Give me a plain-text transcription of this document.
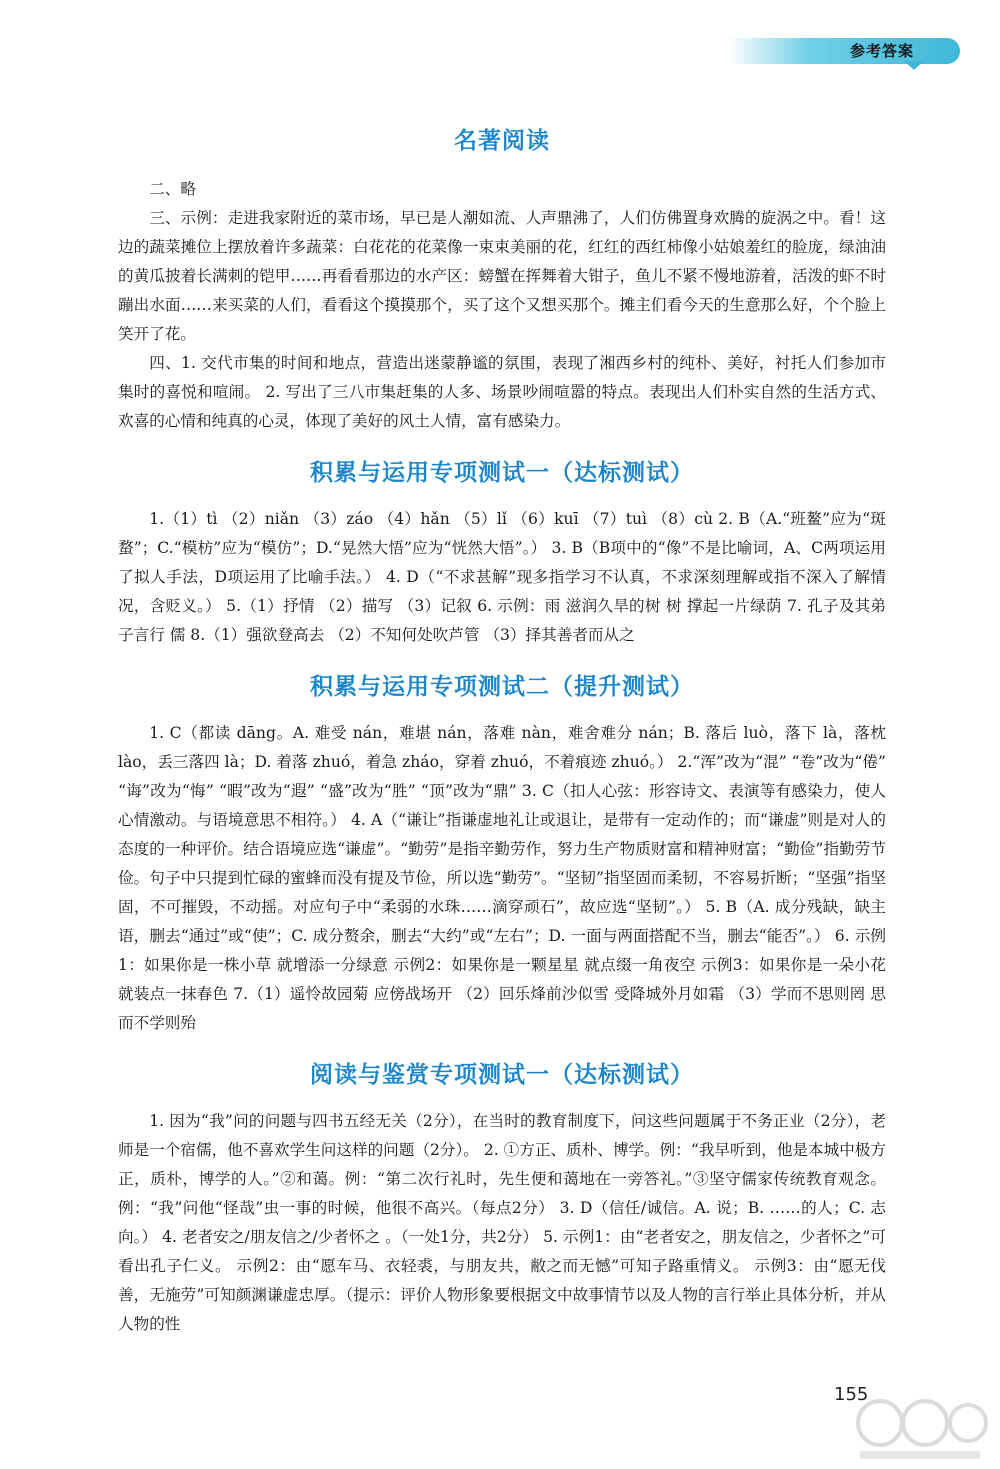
参考答案
名著阅读

二、略

三、示例：走进我家附近的菜市场，早已是人潮如流、人声鼎沸了，人们仿佛置身欢腾的旋涡之中。看！这边的蔬菜摊位上摆放着许多蔬菜：白花花的花菜像一束束美丽的花，红红的西红柿像小姑娘羞红的脸庞，绿油油的黄瓜披着长满刺的铠甲……再看看那边的水产区：螃蟹在挥舞着大钳子，鱼儿不紧不慢地游着，活泼的虾不时蹦出水面……来买菜的人们，看看这个摸摸那个，买了这个又想买那个。摊主们看今天的生意那么好，个个脸上笑开了花。

四、1. 交代市集的时间和地点，营造出迷蒙静谧的氛围，表现了湘西乡村的纯朴、美好，衬托人们参加市集时的喜悦和喧闹。 2. 写出了三八市集赶集的人多、场景吵闹喧嚣的特点。表现出人们朴实自然的生活方式、欢喜的心情和纯真的心灵，体现了美好的风土人情，富有感染力。

积累与运用专项测试一（达标测试）

1.（1）tì （2）niǎn （3）záo （4）hǎn （5）lǐ （6）kuī （7）tuì （8）cù 2. B（A.“班鳌”应为“斑蝥”；C.“模枋”应为“模仿”；D.“晃然大悟”应为“恍然大悟”。） 3. B（B项中的“像”不是比喻词，A、C两项运用了拟人手法，D项运用了比喻手法。） 4. D（“不求甚解”现多指学习不认真，不求深刻理解或指不深入了解情况，含贬义。） 5.（1）抒情 （2）描写 （3）记叙 6. 示例：雨 滋润久旱的树 树 撑起一片绿荫 7. 孔子及其弟子言行 儒 8.（1）强欲登高去 （2）不知何处吹芦管 （3）择其善者而从之

积累与运用专项测试二（提升测试）

1. C（都读 dāng。A. 难受 nán，难堪 nán，落难 nàn，难舍难分 nán；B. 落后 luò，落下 là，落枕 lào，丢三落四 là；D. 着落 zhuó，着急 zháo，穿着 zhuó，不着痕迹 zhuó。） 2.“浑”改为“混” “卷”改为“倦” “诲”改为“悔” “暇”改为“遐” “盛”改为“胜” “顶”改为“鼎” 3. C（扣人心弦：形容诗文、表演等有感染力，使人心情激动。与语境意思不相符。） 4. A（“谦让”指谦虚地礼让或退让，是带有一定动作的；而“谦虚”则是对人的态度的一种评价。结合语境应选“谦虚”。“勤劳”是指辛勤劳作，努力生产物质财富和精神财富；“勤俭”指勤劳节俭。句子中只提到忙碌的蜜蜂而没有提及节俭，所以选“勤劳”。“坚韧”指坚固而柔韧，不容易折断；“坚强”指坚固，不可摧毁，不动摇。对应句子中“柔弱的水珠……滴穿顽石”，故应选“坚韧”。） 5. B（A. 成分残缺，缺主语，删去“通过”或“使”；C. 成分赘余，删去“大约”或“左右”；D. 一面与两面搭配不当，删去“能否”。） 6. 示例1：如果你是一株小草 就增添一分绿意 示例2：如果你是一颗星星 就点缀一角夜空 示例3：如果你是一朵小花 就装点一抹春色 7.（1）遥怜故园菊 应傍战场开 （2）回乐烽前沙似雪 受降城外月如霜 （3）学而不思则罔 思而不学则殆

阅读与鉴赏专项测试一（达标测试）

1. 因为“我”问的问题与四书五经无关（2分），在当时的教育制度下，问这些问题属于不务正业（2分），老师是一个宿儒，他不喜欢学生问这样的问题（2分）。 2. ①方正、质朴、博学。例：“我早听到，他是本城中极方正，质朴，博学的人。”②和蔼。例：“第二次行礼时，先生便和蔼地在一旁答礼。”③坚守儒家传统教育观念。例：“我”问他“怪哉”虫一事的时候，他很不高兴。（每点2分） 3. D（信任/诚信。A. 说；B. ……的人；C. 志向。） 4. 老者安之/朋友信之/少者怀之 。（一处1分，共2分） 5. 示例1：由“老者安之，朋友信之，少者怀之”可看出孔子仁义。 示例2：由“愿车马、衣轻裘，与朋友共，敝之而无憾”可知子路重情义。 示例3：由“愿无伐善，无施劳”可知颜渊谦虚忠厚。（提示：评价人物形象要根据文中故事情节以及人物的言行举止具体分析，并从人物的性

155
